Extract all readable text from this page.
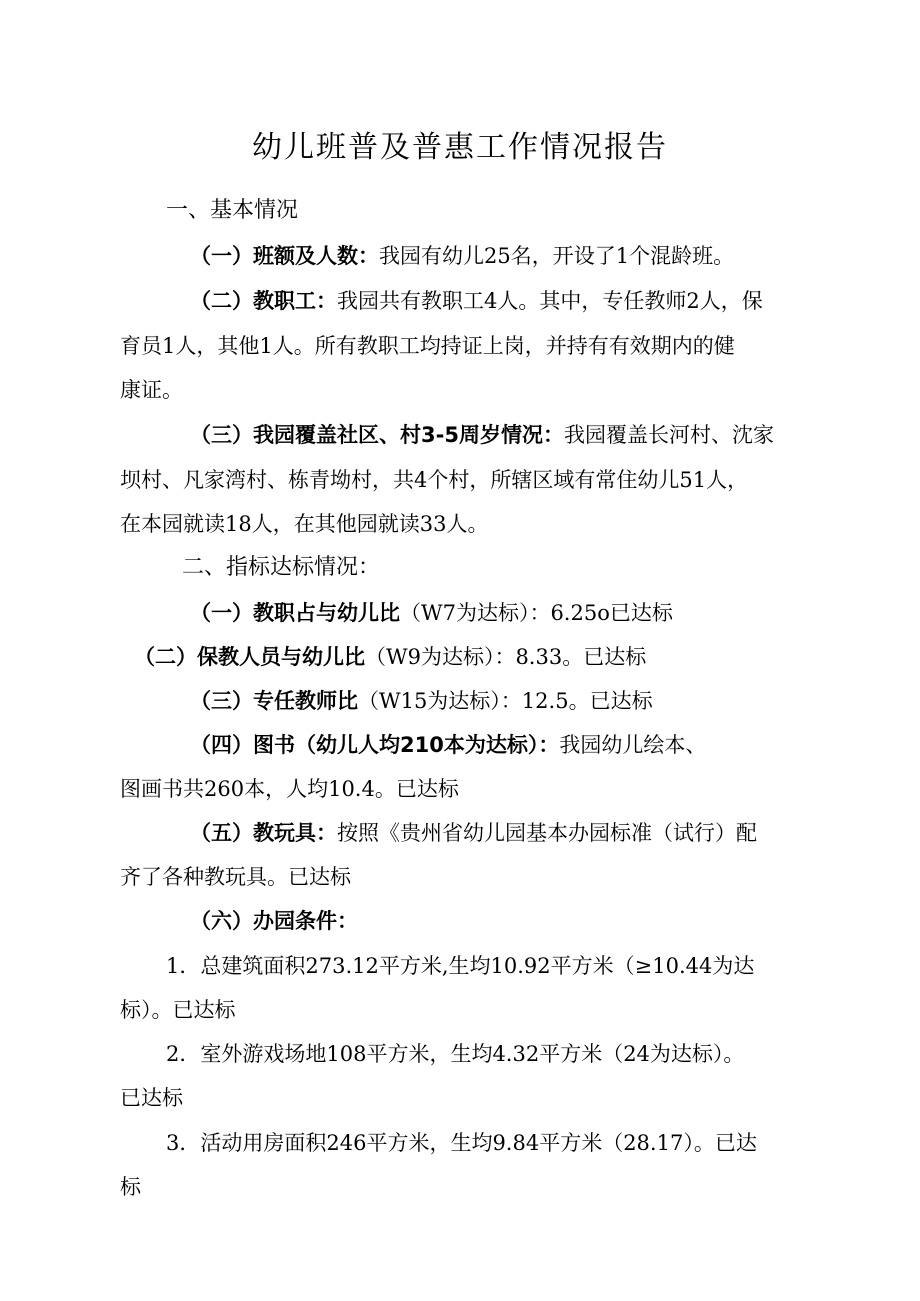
幼儿班普及普惠工作情况报告
一、基本情况
（一）班额及人数：我园有幼儿25名，开设了1个混龄班。
（二）教职工：我园共有教职工4人。其中，专任教师2人，保
育员1人，其他1人。所有教职工均持证上岗，并持有有效期内的健
康证。
（三）我园覆盖社区、村3-5周岁情况：我园覆盖长河村、沈家
坝村、凡家湾村、栋青坳村，共4个村，所辖区域有常住幼儿51人，
在本园就读18人，在其他园就读33人。
二、指标达标情况：
（一）教职占与幼儿比（W7为达标）：6.25o已达标
（二）保教人员与幼儿比（W9为达标）：8.33。已达标
（三）专任教师比（W15为达标）：12.5。已达标
（四）图书（幼儿人均210本为达标）：我园幼儿绘本、
图画书共260本，人均10.4。已达标
（五）教玩具：按照《贵州省幼儿园基本办园标准（试行）配
齐了各种教玩具。已达标
（六）办园条件：
1．总建筑面积273.12平方米,生均10.92平方米（≥10.44为达
标）。已达标
2．室外游戏场地108平方米，生均4.32平方米（24为达标）。
已达标
3．活动用房面积246平方米，生均9.84平方米（28.17）。已达
标
